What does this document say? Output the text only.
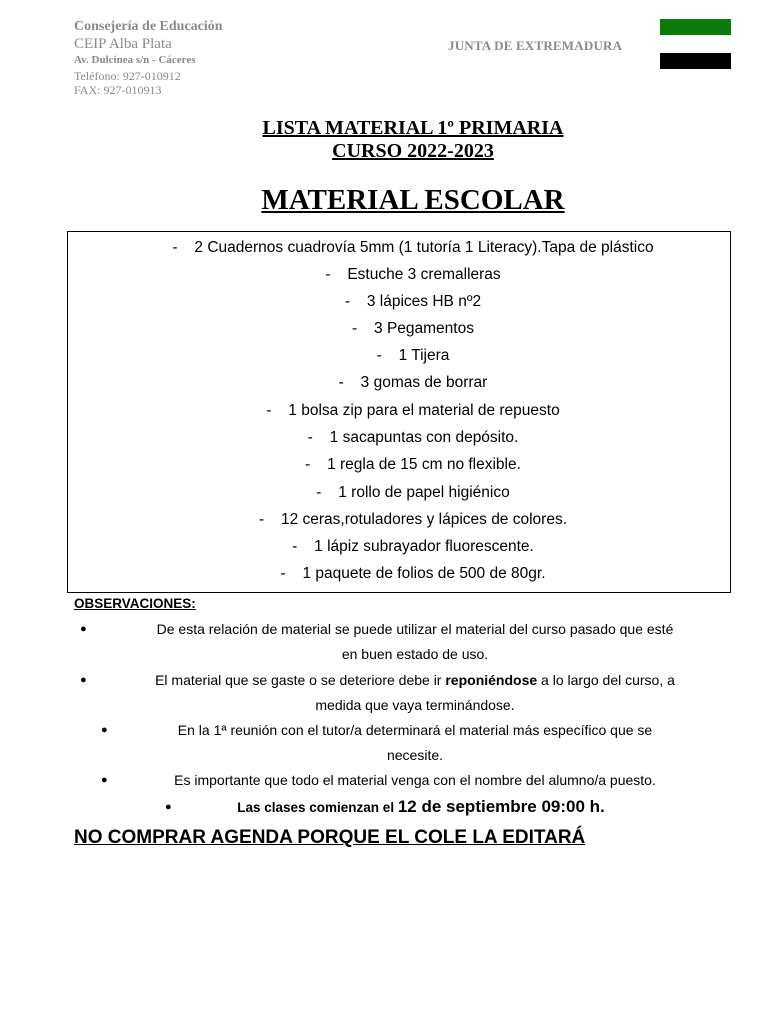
Consejería de Educación
CEIP Alba Plata
Av. Dulcinea s/n - Cáceres
Teléfono: 927-010912
FAX: 927-010913
JUNTA DE EXTREMADURA
LISTA MATERIAL 1º PRIMARIA
CURSO 2022-2023
MATERIAL ESCOLAR
- 2 Cuadernos cuadrovía 5mm (1 tutoría 1 Literacy).Tapa de plástico
- Estuche 3 cremalleras
- 3 lápices HB nº2
- 3 Pegamentos
- 1 Tijera
- 3 gomas de borrar
- 1 bolsa zip para el material de repuesto
- 1 sacapuntas con depósito.
- 1 regla de 15 cm no flexible.
- 1 rollo de papel higiénico
- 12 ceras,rotuladores y lápices de colores.
- 1 lápiz subrayador fluorescente.
- 1 paquete de folios de 500 de 80gr.
OBSERVACIONES:
●	De esta relación de material se puede utilizar el material del curso pasado que esté
en buen estado de uso.
●	El material que se gaste o se deteriore debe ir reponiéndose a lo largo del curso, a
medida que vaya terminándose.
●	En la 1ª reunión con el tutor/a determinará el material más específico que se
necesite.
●	Es importante que todo el material venga con el nombre del alumno/a puesto.
●	Las clases comienzan el 12 de septiembre 09:00 h.
NO COMPRAR AGENDA PORQUE EL COLE LA EDITARÁ
